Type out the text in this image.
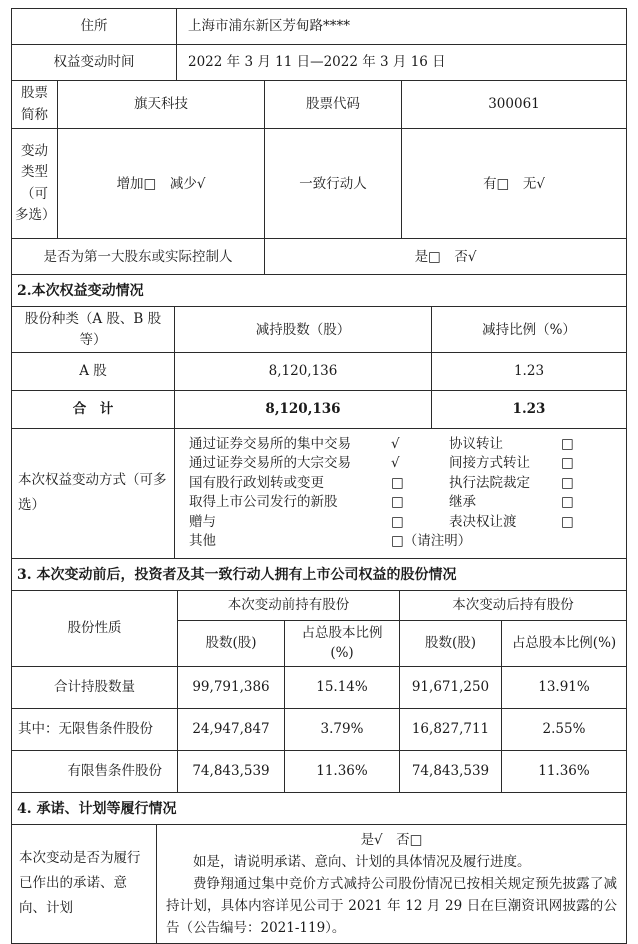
住所	上海市浦东新区芳甸路****
权益变动时间	2022 年 3 月 11 日—2022 年 3 月 16 日
股票简称	旗天科技	股票代码	300061
变动类型（可多选）	增加□　减少√	一致行动人	有□　无√
是否为第一大股东或实际控制人	是□　否√
2.本次权益变动情况
股份种类（A 股、B 股等）	减持股数（股）	减持比例（%）
A 股	8,120,136	1.23
合　计	8,120,136	1.23
本次权益变动方式（可多选）	
通过证券交易所的集中交易	√	协议转让	□
通过证券交易所的大宗交易	√	间接方式转让	□
国有股行政划转或变更	□	执行法院裁定	□
取得上市公司发行的新股	□	继承	□
赠与	□	表决权让渡	□
其他	□（请注明）
3. 本次变动前后，投资者及其一致行动人拥有上市公司权益的股份情况
股份性质	本次变动前持有股份		本次变动后持有股份	
	股数(股)	占总股本比例(%)	股数(股)	占总股本比例(%)
合计持股数量	99,791,386	15.14%	91,671,250	13.91%
其中：无限售条件股份	24,947,847	3.79%	16,827,711	2.55%
有限售条件股份	74,843,539	11.36%	74,843,539	11.36%
4. 承诺、计划等履行情况
本次变动是否为履行已作出的承诺、意向、计划	
是√　否□

如是，请说明承诺、意向、计划的具体情况及履行进度。

费铮翔通过集中竞价方式减持公司股份情况已按相关规定预先披露了减持计划，具体内容详见公司于 2021 年 12 月 29 日在巨潮资讯网披露的公告（公告编号：2021-119）。
